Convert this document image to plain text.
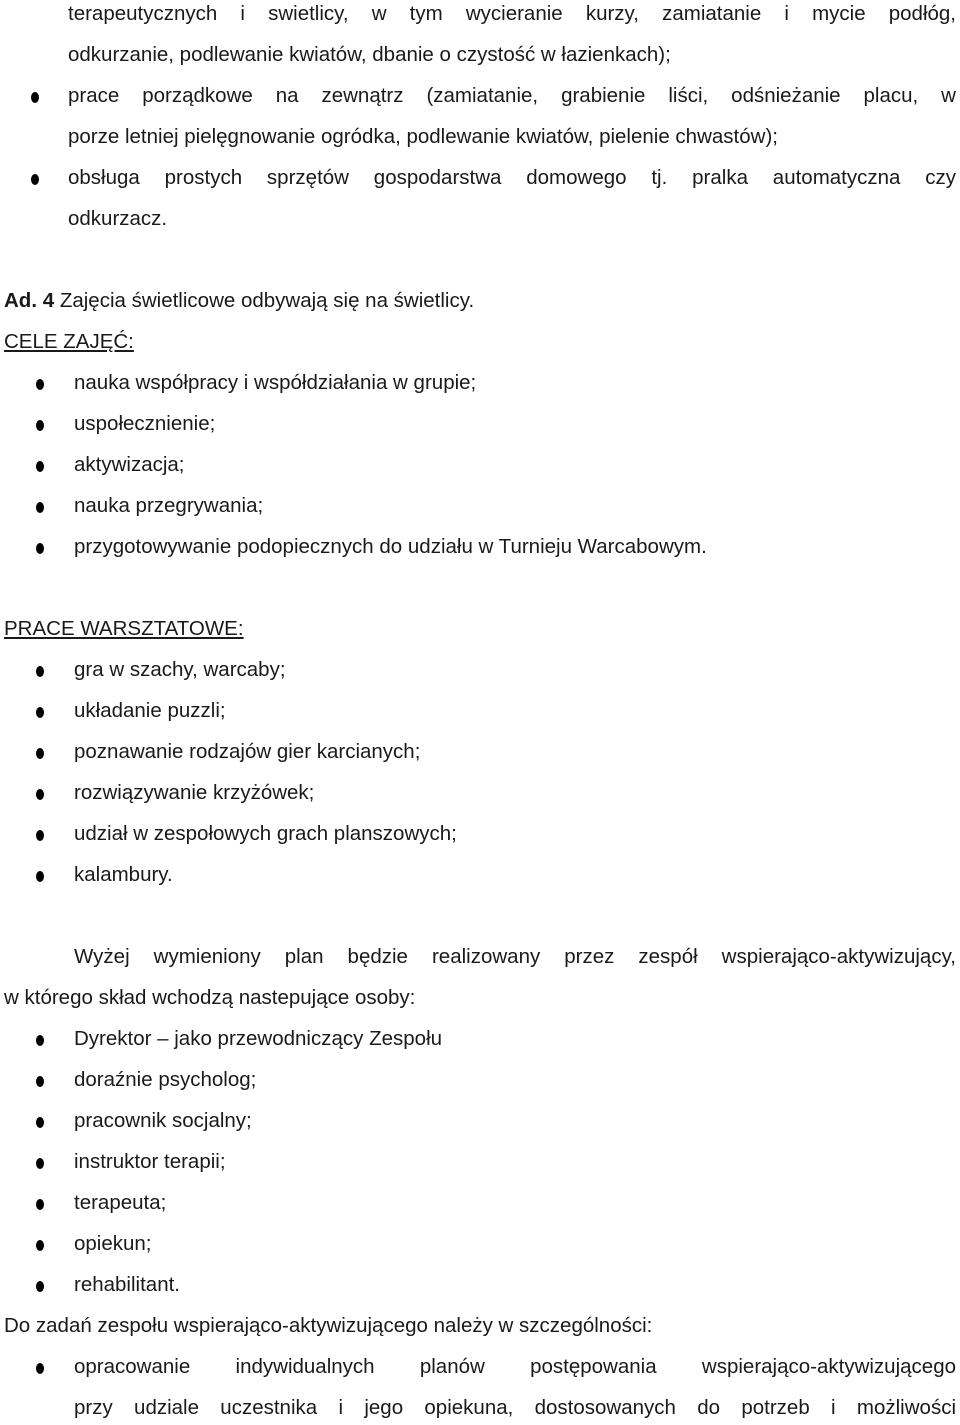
terapeutycznych i swietlicy, w tym wycieranie kurzy, zamiatanie i mycie podłóg,
odkurzanie, podlewanie kwiatów, dbanie o czystość w łazienkach);
prace porządkowe na zewnątrz (zamiatanie, grabienie liści, odśnieżanie placu, w
porze letniej pielęgnowanie ogródka, podlewanie kwiatów, pielenie chwastów);
obsługa prostych sprzętów gospodarstwa domowego tj. pralka automatyczna czy
odkurzacz.
Ad. 4 Zajęcia świetlicowe odbywają się na świetlicy.
CELE ZAJĘĆ:
nauka współpracy i współdziałania w grupie;
uspołecznienie;
aktywizacja;
nauka przegrywania;
przygotowywanie podopiecznych do udziału w Turnieju Warcabowym.
PRACE WARSZTATOWE:
gra w szachy, warcaby;
układanie puzzli;
poznawanie rodzajów gier karcianych;
rozwiązywanie krzyżówek;
udział w zespołowych grach planszowych;
kalambury.
Wyżej wymieniony plan będzie realizowany przez zespół wspierająco-aktywizujący,
w którego skład wchodzą nastepujące osoby:
Dyrektor – jako przewodniczący Zespołu
doraźnie psycholog;
pracownik socjalny;
instruktor terapii;
terapeuta;
opiekun;
rehabilitant.
Do zadań zespołu wspierająco-aktywizującego należy w szczególności:
opracowanie indywidualnych planów postępowania wspierająco-aktywizującego
przy udziale uczestnika i jego opiekuna, dostosowanych do potrzeb i możliwości
